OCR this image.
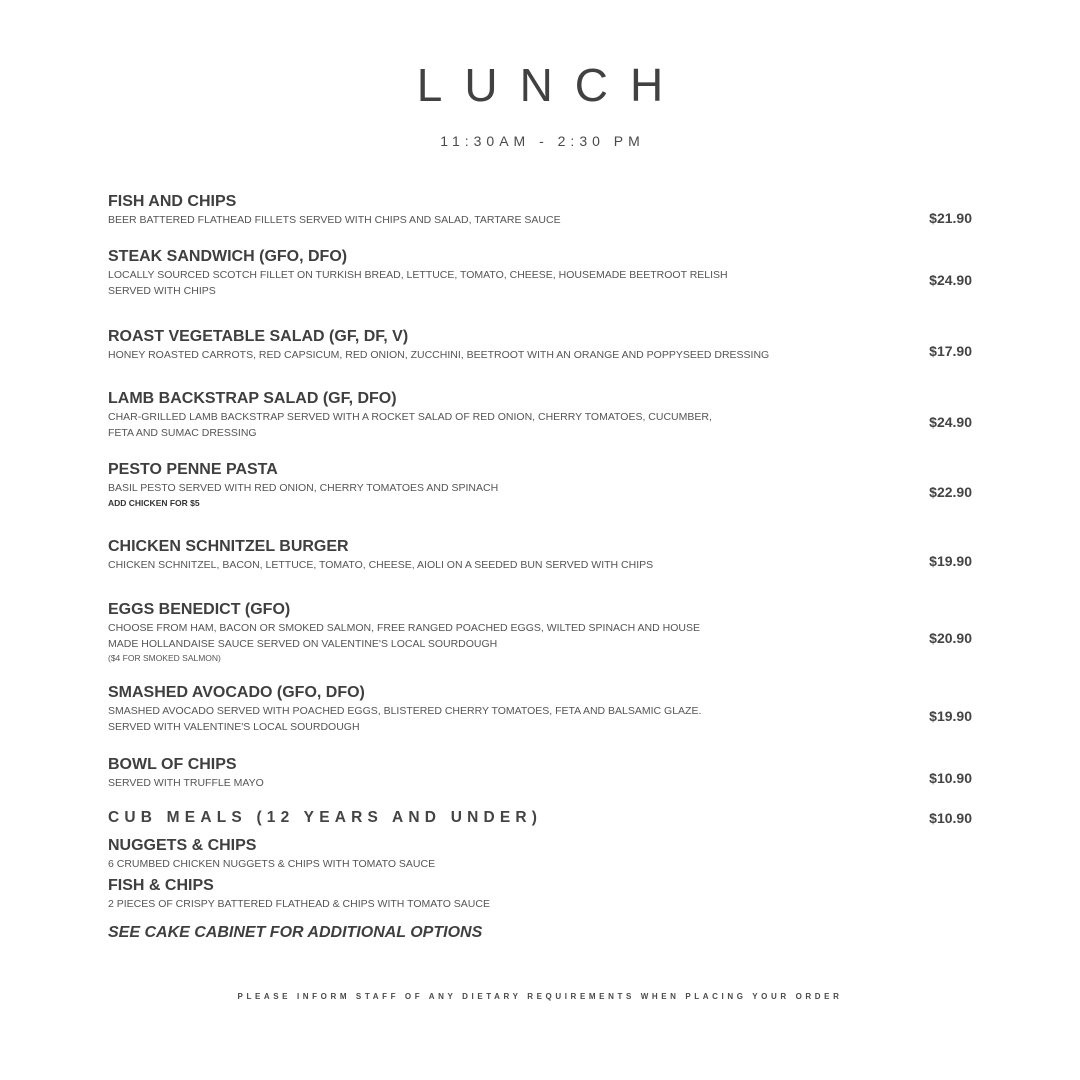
LUNCH
11:30AM - 2:30 PM
FISH AND CHIPS
BEER BATTERED FLATHEAD FILLETS SERVED WITH CHIPS AND SALAD, TARTARE SAUCE	$21.90
STEAK SANDWICH (GFO, DFO)
LOCALLY SOURCED SCOTCH FILLET ON TURKISH BREAD, LETTUCE, TOMATO, CHEESE, HOUSEMADE BEETROOT RELISH SERVED WITH CHIPS
$24.90
ROAST VEGETABLE SALAD (GF, DF, V)
HONEY ROASTED CARROTS, RED CAPSICUM, RED ONION, ZUCCHINI, BEETROOT WITH AN ORANGE AND POPPYSEED DRESSING	$17.90
LAMB BACKSTRAP SALAD (GF, DFO)
CHAR-GRILLED LAMB BACKSTRAP SERVED WITH A ROCKET SALAD OF RED ONION, CHERRY TOMATOES, CUCUMBER, FETA AND SUMAC DRESSING
$24.90
PESTO PENNE PASTA
BASIL PESTO SERVED WITH RED ONION, CHERRY TOMATOES AND SPINACH
ADD CHICKEN FOR $5
$22.90
CHICKEN SCHNITZEL BURGER
CHICKEN SCHNITZEL, BACON, LETTUCE, TOMATO, CHEESE, AIOLI ON A SEEDED BUN SERVED WITH CHIPS	$19.90
EGGS BENEDICT (GFO)
CHOOSE FROM HAM, BACON OR SMOKED SALMON, FREE RANGED POACHED EGGS, WILTED SPINACH AND HOUSE MADE HOLLANDAISE SAUCE SERVED ON VALENTINE'S LOCAL SOURDOUGH
($4 FOR SMOKED SALMON)
$20.90
SMASHED AVOCADO (GFO, DFO)
SMASHED AVOCADO SERVED WITH POACHED EGGS, BLISTERED CHERRY TOMATOES, FETA AND BALSAMIC GLAZE. SERVED WITH VALENTINE'S LOCAL SOURDOUGH
$19.90
BOWL OF CHIPS
SERVED WITH TRUFFLE MAYO	$10.90
CUB MEALS (12 YEARS AND UNDER)	$10.90
NUGGETS & CHIPS
6 CRUMBED CHICKEN NUGGETS & CHIPS WITH TOMATO SAUCE
FISH & CHIPS
2 PIECES OF CRISPY BATTERED FLATHEAD & CHIPS WITH TOMATO SAUCE
SEE CAKE CABINET FOR ADDITIONAL OPTIONS
PLEASE INFORM STAFF OF ANY DIETARY REQUIREMENTS WHEN PLACING YOUR ORDER
